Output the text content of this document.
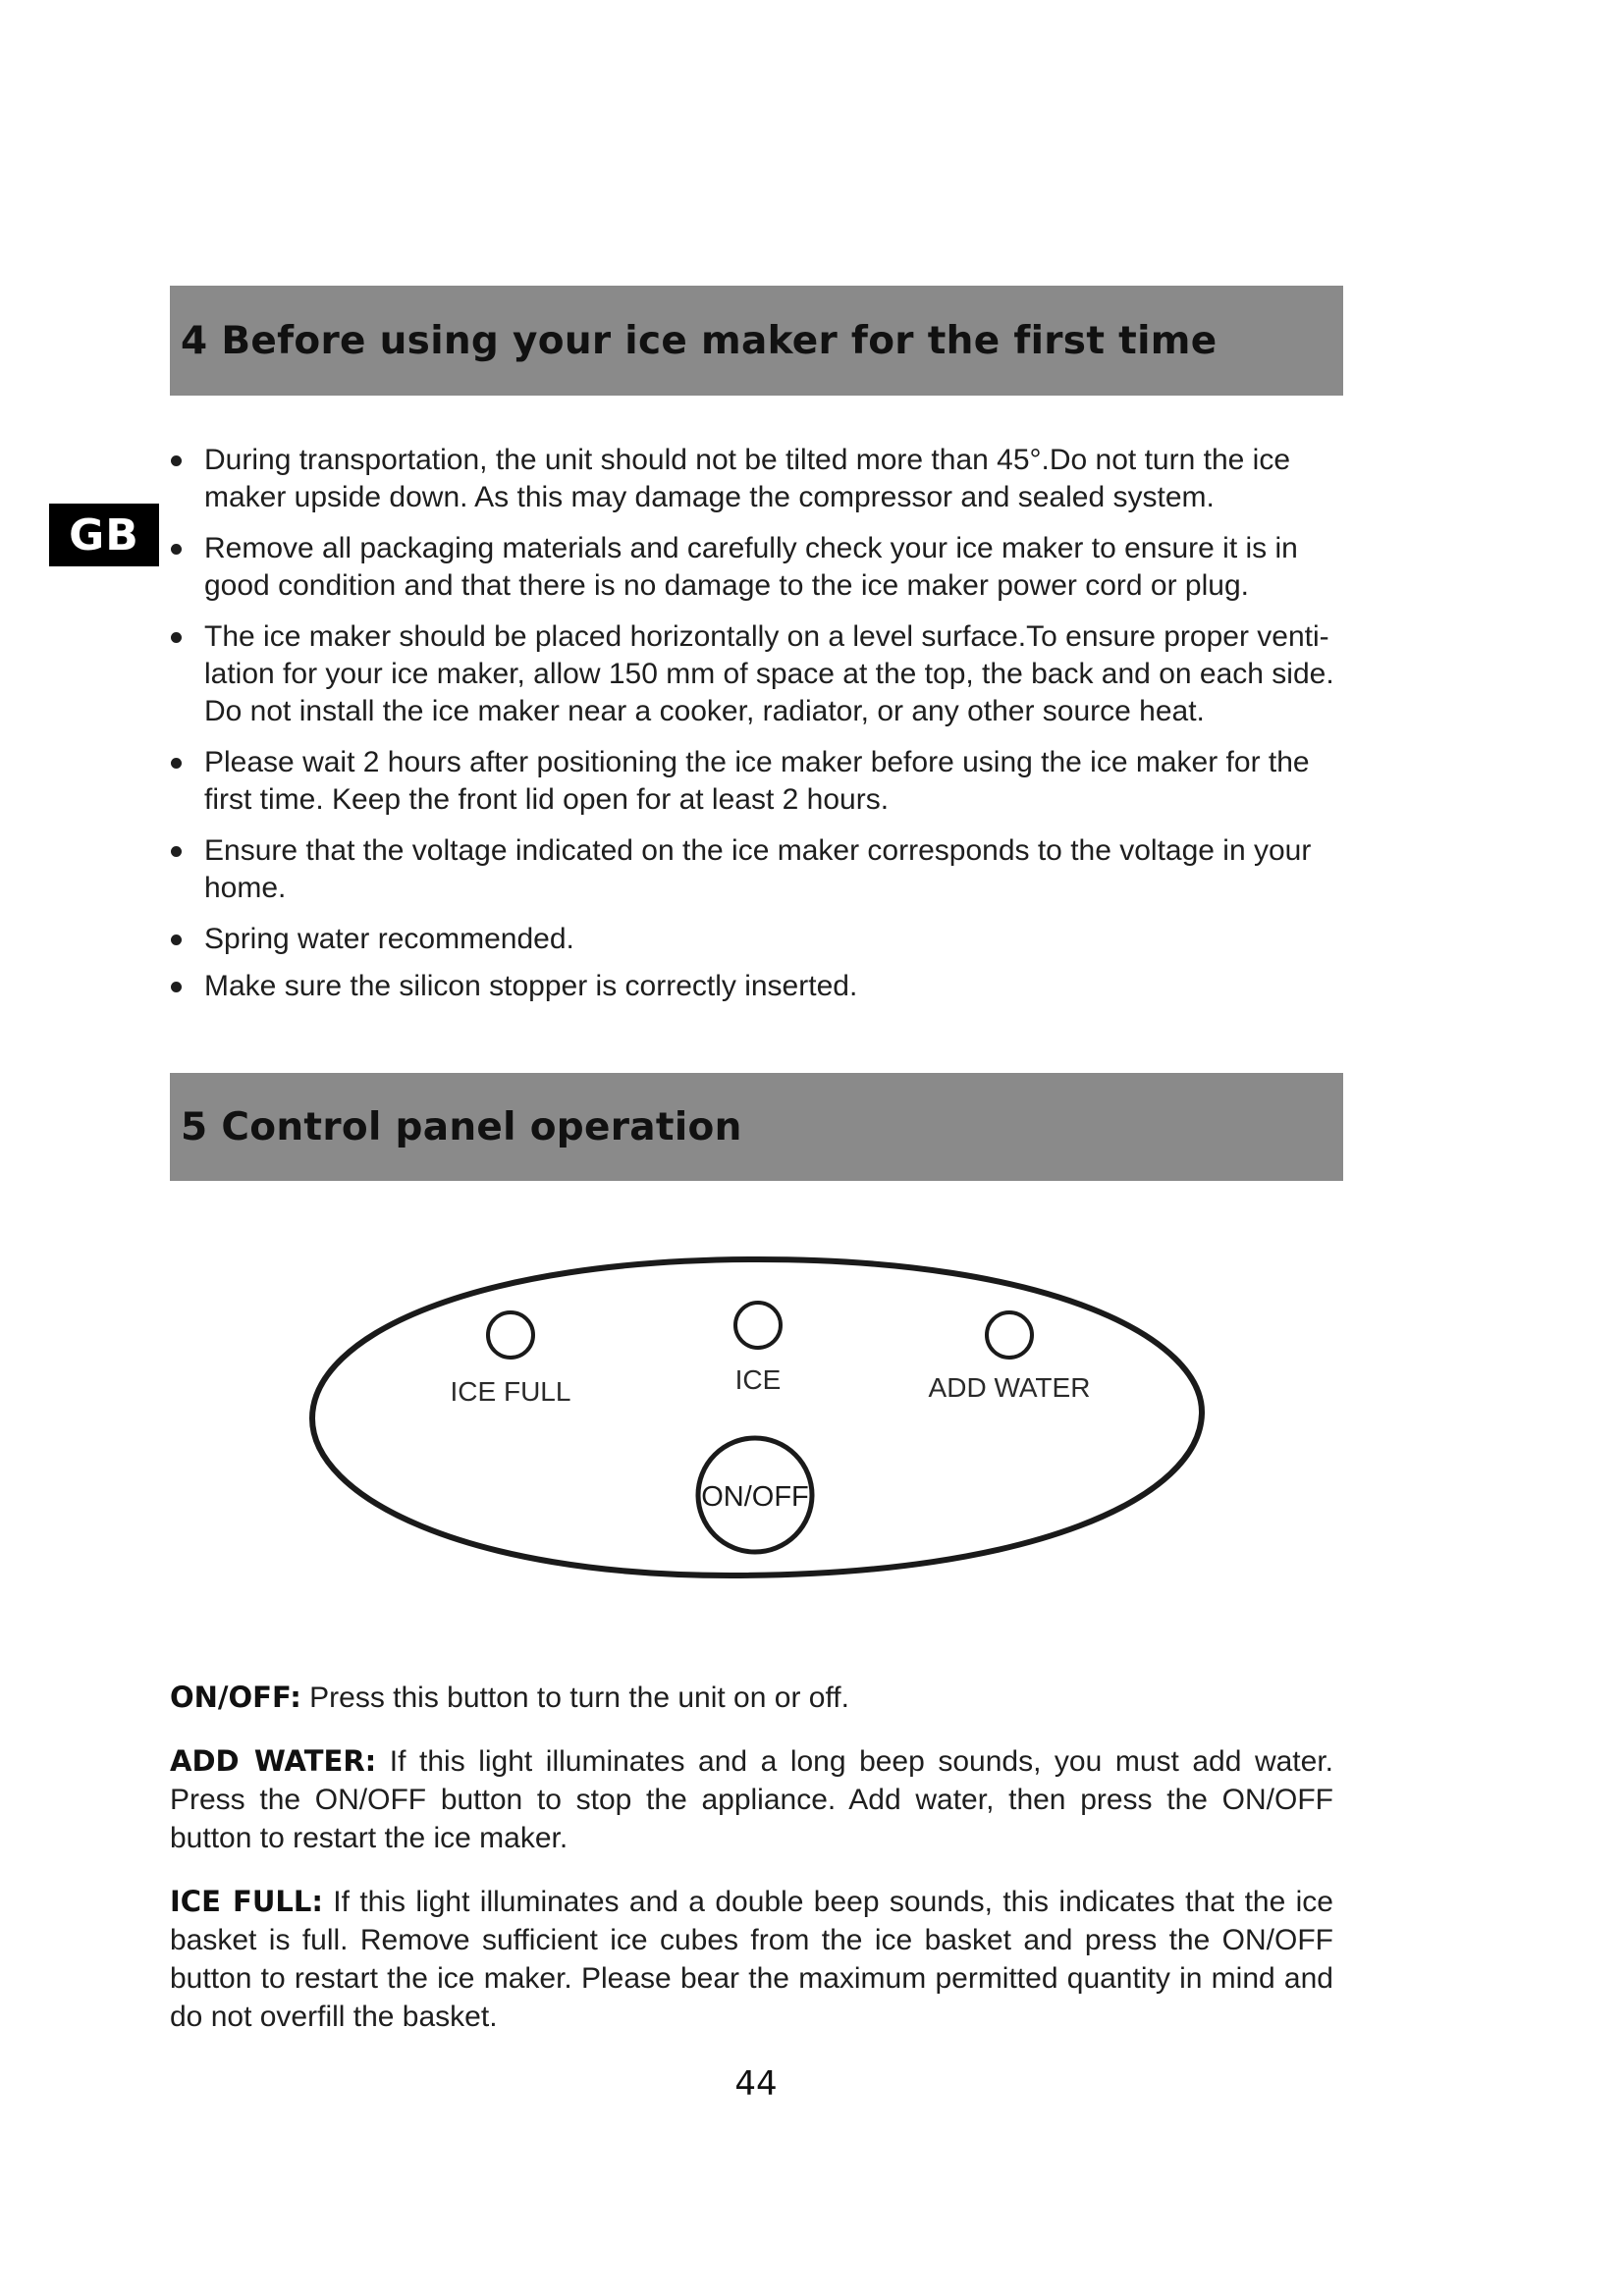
GB
4 Before using your ice maker for the first time
During transportation, the unit should not be tilted more than 45°.Do not turn the ice maker upside down. As this may damage the compressor and sealed system.
Remove all packaging materials and carefully check your ice maker to ensure it is in good condition and that there is no damage to the ice maker power cord or plug.
The ice maker should be placed horizontally on a level surface.To ensure proper venti-lation for your ice maker, allow 150 mm of space at the top, the back and on each side. Do not install the ice maker near a cooker, radiator, or any other source heat.
Please wait 2 hours after positioning the ice maker before using the ice maker for the first time. Keep the front lid open for at least 2 hours.
Ensure that the voltage indicated on the ice maker corresponds to the voltage in your home.
Spring water recommended.
Make sure the silicon stopper is correctly inserted.
5 Control panel operation
ICE FULL	ICE	ADD WATER
ON/OFF

ON/OFF: Press this button to turn the unit on or off.

ADD WATER: If this light illuminates and a long beep sounds, you must add water. Press the ON/OFF button to stop the appliance. Add water, then press the ON/OFF button to restart the ice maker.

ICE FULL: If this light illuminates and a double beep sounds, this indicates that the ice basket is full. Remove sufficient ice cubes from the ice basket and press the ON/OFF button to restart the ice maker. Please bear the maximum permitted quantity in mind and do not overfill the basket.

44
